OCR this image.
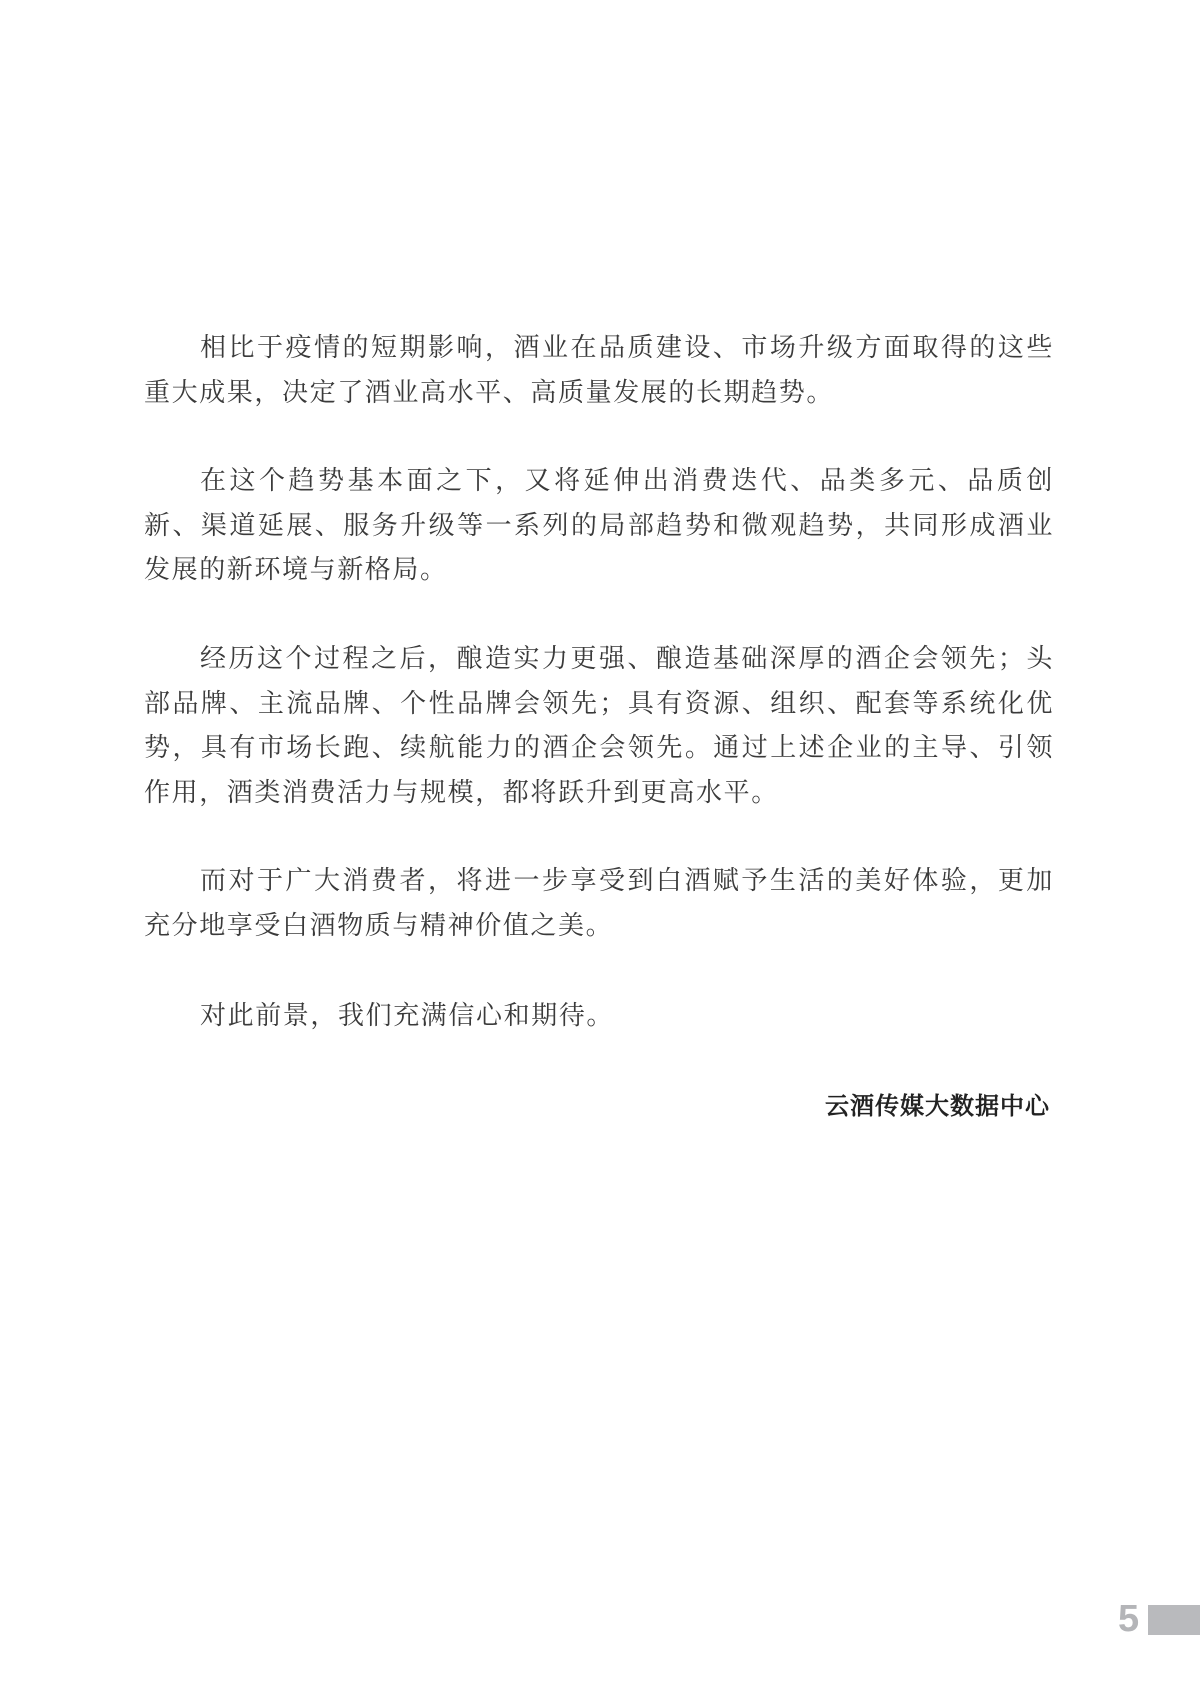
相比于疫情的短期影响，酒业在品质建设、市场升级方面取得的这些重大成果，决定了酒业高水平、高质量发展的长期趋势。

在这个趋势基本面之下，又将延伸出消费迭代、品类多元、品质创新、渠道延展、服务升级等一系列的局部趋势和微观趋势，共同形成酒业发展的新环境与新格局。

经历这个过程之后，酿造实力更强、酿造基础深厚的酒企会领先；头部品牌、主流品牌、个性品牌会领先；具有资源、组织、配套等系统化优势，具有市场长跑、续航能力的酒企会领先。通过上述企业的主导、引领作用，酒类消费活力与规模，都将跃升到更高水平。

而对于广大消费者，将进一步享受到白酒赋予生活的美好体验，更加充分地享受白酒物质与精神价值之美。

对此前景，我们充满信心和期待。

云酒传媒大数据中心
5
